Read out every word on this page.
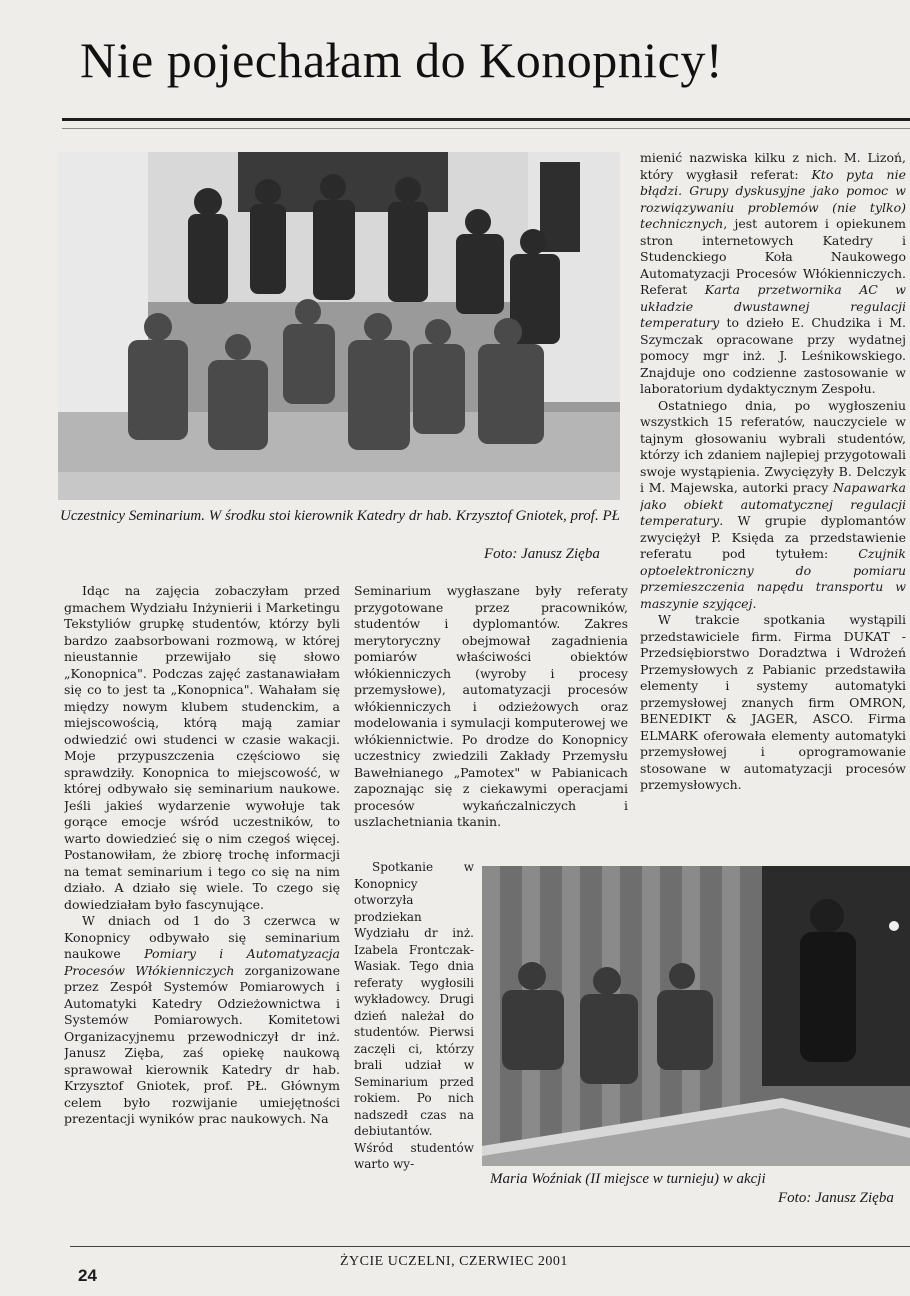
Nie pojechałam do Konopnicy!
Uczestnicy Seminarium. W środku stoi kierownik Katedry dr hab. Krzysztof Gniotek, prof. PŁ
Foto: Janusz Zięba

Idąc na zajęcia zobaczyłam przed gmachem Wydziału Inżynierii i Marketingu Tekstyliów grupkę studentów, którzy byli bardzo zaabsorbowani rozmową, w której nieustannie przewijało się słowo „Konopnica". Podczas zajęć zastanawiałam się co to jest ta „Konopnica". Wahałam się między nowym klubem studenckim, a miejscowością, którą mają zamiar odwiedzić owi studenci w czasie wakacji. Moje przypuszczenia częściowo się sprawdziły. Konopnica to miejscowość, w której odbywało się seminarium naukowe. Jeśli jakieś wydarzenie wywołuje tak gorące emocje wśród uczestników, to warto dowiedzieć się o nim czegoś więcej. Postanowiłam, że zbiorę trochę informacji na temat seminarium i tego co się na nim działo. A działo się wiele. To czego się dowiedziałam było fascynujące.

W dniach od 1 do 3 czerwca w Konopnicy odbywało się seminarium naukowe Pomiary i Automatyzacja Procesów Włókienniczych zorganizowane przez Zespół Systemów Pomiarowych i Automatyki Katedry Odzieżownictwa i Systemów Pomiarowych. Komitetowi Organizacyjnemu przewodniczył dr inż. Janusz Zięba, zaś opiekę naukową sprawował kierownik Katedry dr hab. Krzysztof Gniotek, prof. PŁ. Głównym celem było rozwijanie umiejętności prezentacji wyników prac naukowych. Na

Seminarium wygłaszane były referaty przygotowane przez pracowników, studentów i dyplomantów. Zakres merytoryczny obejmował zagadnienia pomiarów właściwości obiektów włókienniczych (wyroby i procesy przemysłowe), automatyzacji procesów włókienniczych i odzieżowych oraz modelowania i symulacji komputerowej we włókiennictwie. Po drodze do Konopnicy uczestnicy zwiedzili Zakłady Przemysłu Bawełnianego „Pamotex" w Pabianicach zapoznając się z ciekawymi operacjami procesów wykańczalniczych i uszlachetniania tkanin.

Spotkanie w Konopnicy otworzyła prodziekan Wydziału dr inż. Izabela Frontczak-Wasiak. Tego dnia referaty wygłosili wykładowcy. Drugi dzień należał do studentów. Pierwsi zaczęli ci, którzy brali udział w Seminarium przed rokiem. Po nich nadszedł czas na debiutantów. Wśród studentów warto wy-

mienić nazwiska kilku z nich. M. Lizoń, który wygłasił referat: Kto pyta nie błądzi. Grupy dyskusyjne jako pomoc w rozwiązywaniu problemów (nie tylko) technicznych, jest autorem i opiekunem stron internetowych Katedry i Studenckiego Koła Naukowego Automatyzacji Procesów Włókienniczych. Referat Karta przetwornika AC w układzie dwustawnej regulacji temperatury to dzieło E. Chudzika i M. Szymczak opracowane przy wydatnej pomocy mgr inż. J. Leśnikowskiego. Znajduje ono codzienne zastosowanie w laboratorium dydaktycznym Zespołu.

Ostatniego dnia, po wygłoszeniu wszystkich 15 referatów, nauczyciele w tajnym głosowaniu wybrali studentów, którzy ich zdaniem najlepiej przygotowali swoje wystąpienia. Zwycięzyły B. Delczyk i M. Majewska, autorki pracy Napawarka jako obiekt automatycznej regulacji temperatury. W grupie dyplomantów zwyciężył P. Księda za przedstawienie referatu pod tytułem: Czujnik optoelektroniczny do pomiaru przemieszczenia napędu transportu w maszynie szyjącej.

W trakcie spotkania wystąpili przedstawiciele firm. Firma DUKAT - Przedsiębiorstwo Doradztwa i Wdrożeń Przemysłowych z Pabianic przedstawiła elementy i systemy automatyki przemysłowej znanych firm OMRON, BENEDIKT & JAGER, ASCO. Firma ELMARK oferowała elementy automatyki przemysłowej i oprogramowanie stosowane w automatyzacji procesów przemysłowych.

Maria Woźniak (II miejsce w turnieju) w akcji
Foto: Janusz Zięba
24
ŻYCIE UCZELNI, CZERWIEC 2001
